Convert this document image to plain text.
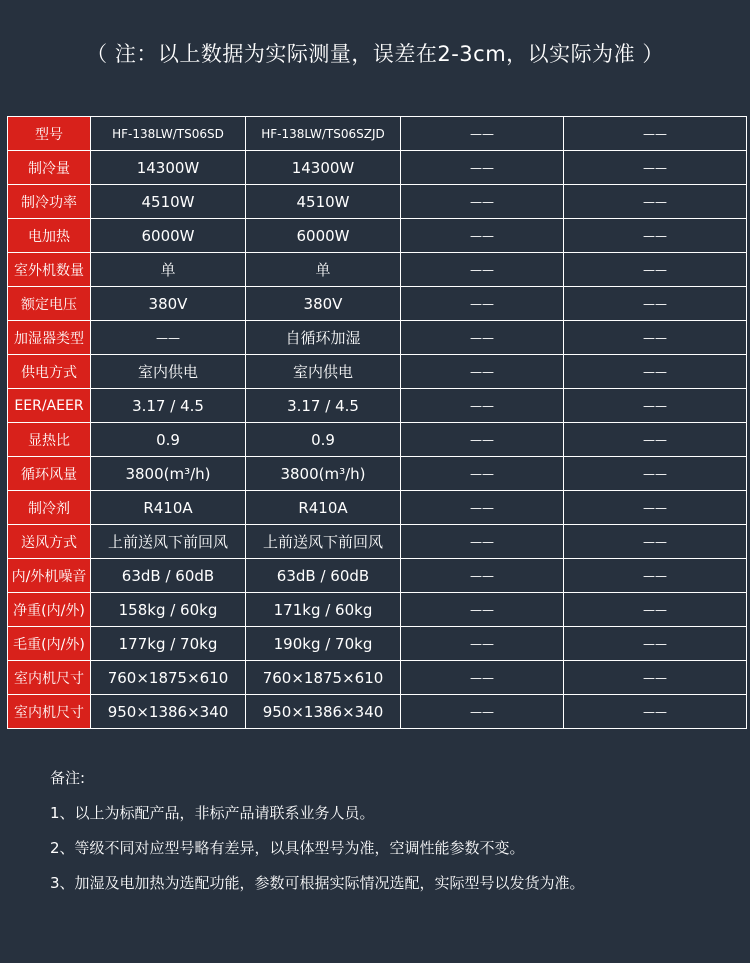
（ 注：以上数据为实际测量，误差在2-3cm，以实际为准 ）
型号	HF-138LW/TS06SD	HF-138LW/TS06SZJD	——	——
制冷量	14300W	14300W	——	——
制冷功率	4510W	4510W	——	——
电加热	6000W	6000W	——	——
室外机数量	单	单	——	——
额定电压	380V	380V	——	——
加湿器类型	——	自循环加湿	——	——
供电方式	室内供电	室内供电	——	——
EER/AEER	3.17 / 4.5	3.17 / 4.5	——	——
显热比	0.9	0.9	——	——
循环风量	3800(m³/h)	3800(m³/h)	——	——
制冷剂	R410A	R410A	——	——
送风方式	上前送风下前回风	上前送风下前回风	——	——
内/外机噪音	63dB / 60dB	63dB / 60dB	——	——
净重(内/外)	158kg / 60kg	171kg / 60kg	——	——
毛重(内/外)	177kg / 70kg	190kg / 70kg	——	——
室内机尺寸	760×1875×610	760×1875×610	——	——
室内机尺寸	950×1386×340	950×1386×340	——	——
备注:
1、以上为标配产品，非标产品请联系业务人员。
2、等级不同对应型号略有差异，以具体型号为准，空调性能参数不变。
3、加湿及电加热为选配功能，参数可根据实际情况选配，实际型号以发货为准。
